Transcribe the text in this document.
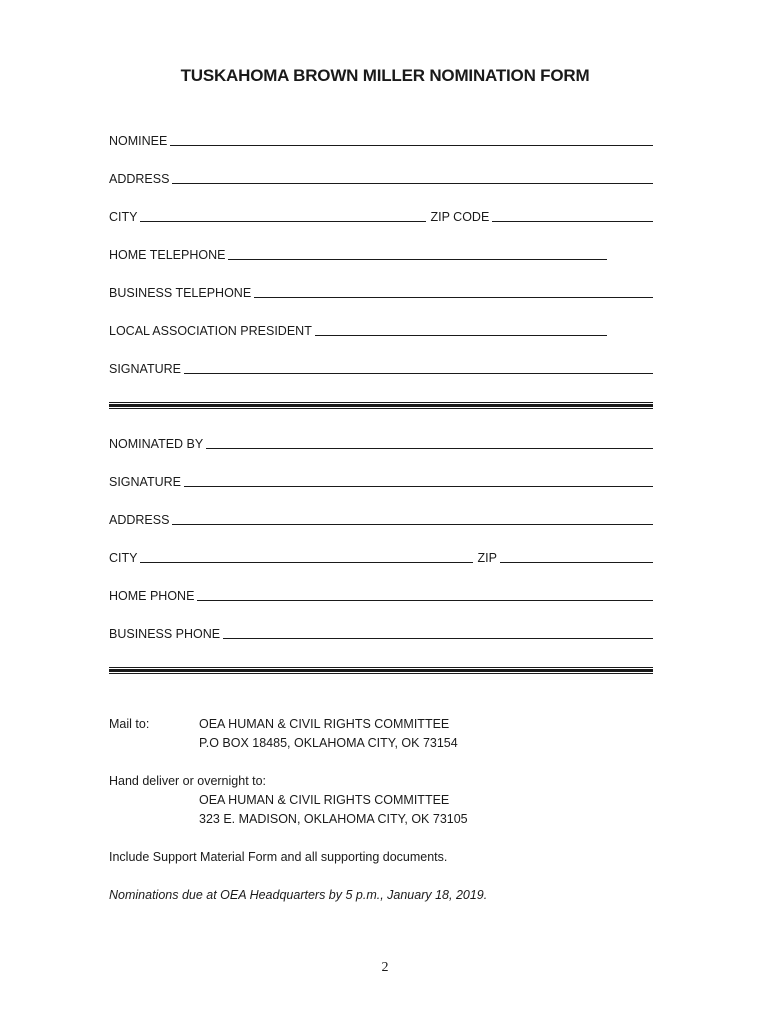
TUSKAHOMA BROWN MILLER NOMINATION FORM
NOMINEE
ADDRESS
CITY	ZIP CODE
HOME TELEPHONE
BUSINESS TELEPHONE
LOCAL ASSOCIATION PRESIDENT
SIGNATURE
NOMINATED BY
SIGNATURE
ADDRESS
CITY	ZIP
HOME PHONE
BUSINESS PHONE
Mail to:	OEA HUMAN & CIVIL RIGHTS COMMITTEE
P.O BOX 18485, OKLAHOMA CITY, OK 73154
Hand deliver or overnight to:
OEA HUMAN & CIVIL RIGHTS COMMITTEE
323 E. MADISON, OKLAHOMA CITY, OK 73105
Include Support Material Form and all supporting documents.
Nominations due at OEA Headquarters by 5 p.m., January 18, 2019.
2
